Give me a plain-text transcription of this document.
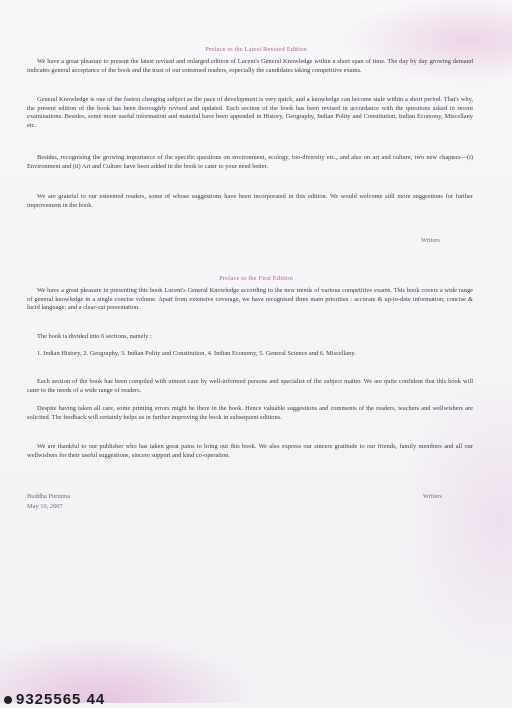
Preface to the Latest Revised Edition

We have a great pleasure to present the latest revised and enlarged edition of Lucent's General Knowledge within a short span of time. The day by day growing demand indicates general acceptance of the book and the trust of our esteemed readers, especially the candidates taking competitive exams.

General Knowledge is one of the fastest changing subject as the pace of development is very quick, and a knowledge can become stale within a short period. That's why, the present edition of the book has been thoroughly revised and updated. Each section of the book has been revised in accordance with the questions asked in recent examinations. Besides, some more useful information and material have been appended in History, Geography, Indian Polity and Constitution, Indian Economy, Miscellany etc.

Besides, recognising the growing importance of the specific questions on environment, ecology, bio-diversity etc., and also on art and culture, two new chapters—(i) Environment and (ii) Art and Culture have been added in the book to cater to your need better.

We are grateful to our esteemed readers, some of whose suggestions have been incorporated in this edition. We would welcome still more suggestions for further improvement in the book.

Writers
Preface to the First Edition

We have a great pleasure in presenting this book Lucent's General Knowledge according to the new trends of various competitive exams. This book covers a wide range of general knowledge in a single concise volume. Apart from extensive coverage, we have recognised three main priorities : accurate & up-to-date information; concise & lucid language; and a clear-cut presentation.

The book is divided into 6 sections, namely :

1. Indian History, 2. Geography, 3. Indian Polity and Constitution, 4. Indian Economy, 5. General Science and 6. Miscellany.

Each section of the book has been compiled with utmost care by well-informed persons and specialist of the subject matter. We are quite confident that this book will cater to the needs of a wide range of readers.

Despite having taken all care, some printing errors might be there in the book. Hence valuable suggestions and comments of the readers, teachers and wellwishers are solicited. The feedback will certainly helps us in further improving the book in subsequent editions.

We are thankful to our publisher who has taken great pains to bring out this book. We also express our sincere gratitude to our friends, family members and all our wellwishers for their useful suggestions, sincere support and kind co-operation.

Buddha Purnima
May 10, 2007
Writers
9325565 44
